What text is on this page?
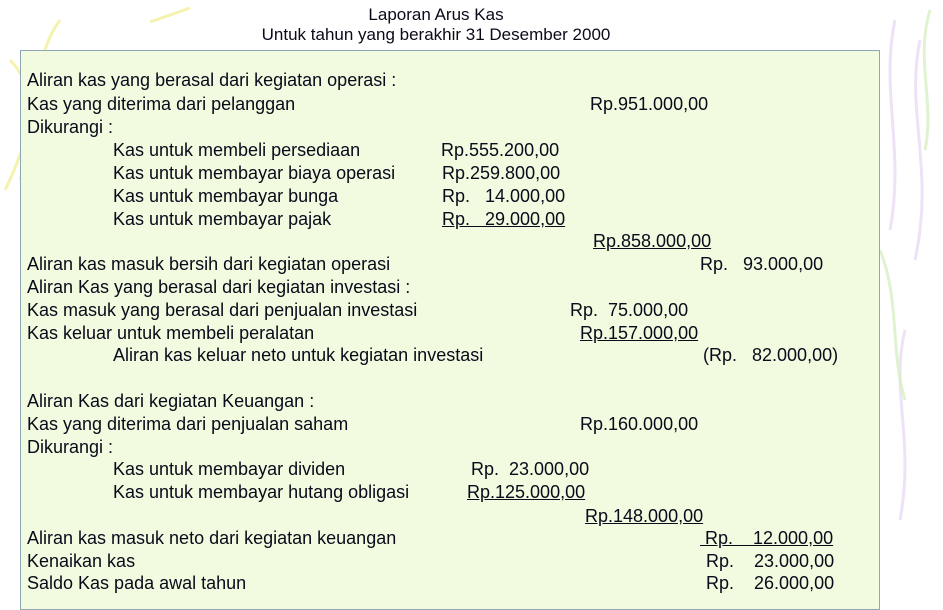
Laporan Arus Kas
Untuk tahun yang berakhir 31 Desember 2000
Aliran kas yang berasal dari kegiatan operasi :
Kas yang diterima dari pelanggan	Rp.951.000,00
Dikurangi :
Kas untuk membeli persediaan	Rp.555.200,00
Kas untuk membayar biaya operasi	Rp.259.800,00
Kas untuk membayar bunga	Rp.   14.000,00
Kas untuk membayar pajak	Rp.   29.000,00
Rp.858.000,00
Aliran kas masuk bersih dari kegiatan operasi	Rp.   93.000,00
Aliran Kas yang berasal dari kegiatan investasi :
Kas masuk yang berasal dari penjualan investasi	Rp.  75.000,00
Kas keluar untuk membeli peralatan	Rp.157.000,00
Aliran kas keluar neto untuk kegiatan investasi	(Rp.   82.000,00)
Aliran Kas dari kegiatan Keuangan :
Kas yang diterima dari penjualan saham	Rp.160.000,00
Dikurangi :
Kas untuk membayar dividen	Rp.  23.000,00
Kas untuk membayar hutang obligasi	Rp.125.000,00
Rp.148.000,00
Aliran kas masuk neto dari kegiatan keuangan	Rp.    12.000,00
Kenaikan kas	Rp.    23.000,00
Saldo Kas pada awal tahun	Rp.    26.000,00
